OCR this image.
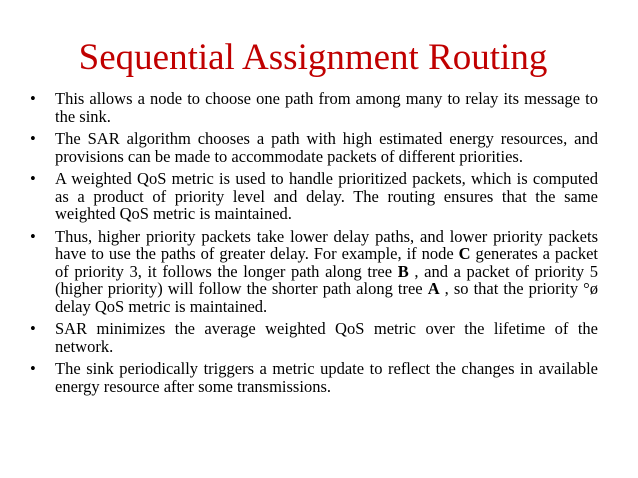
Sequential Assignment Routing
• This allows a node to choose one path from among many to relay its message to the sink.
• The SAR algorithm chooses a path with high estimated energy resources, and provisions can be made to accommodate packets of different priorities.
• A weighted QoS metric is used to handle prioritized packets, which is computed as a product of priority level and delay. The routing ensures that the same weighted QoS metric is maintained.
• Thus, higher priority packets take lower delay paths, and lower priority packets have to use the paths of greater delay. For example, if node C generates a packet of priority 3, it follows the longer path along tree B , and a packet of priority 5 (higher priority) will follow the shorter path along tree A , so that the priority °ø delay QoS metric is maintained.
• SAR minimizes the average weighted QoS metric over the lifetime of the network.
• The sink periodically triggers a metric update to reflect the changes in available energy resource after some transmissions.
